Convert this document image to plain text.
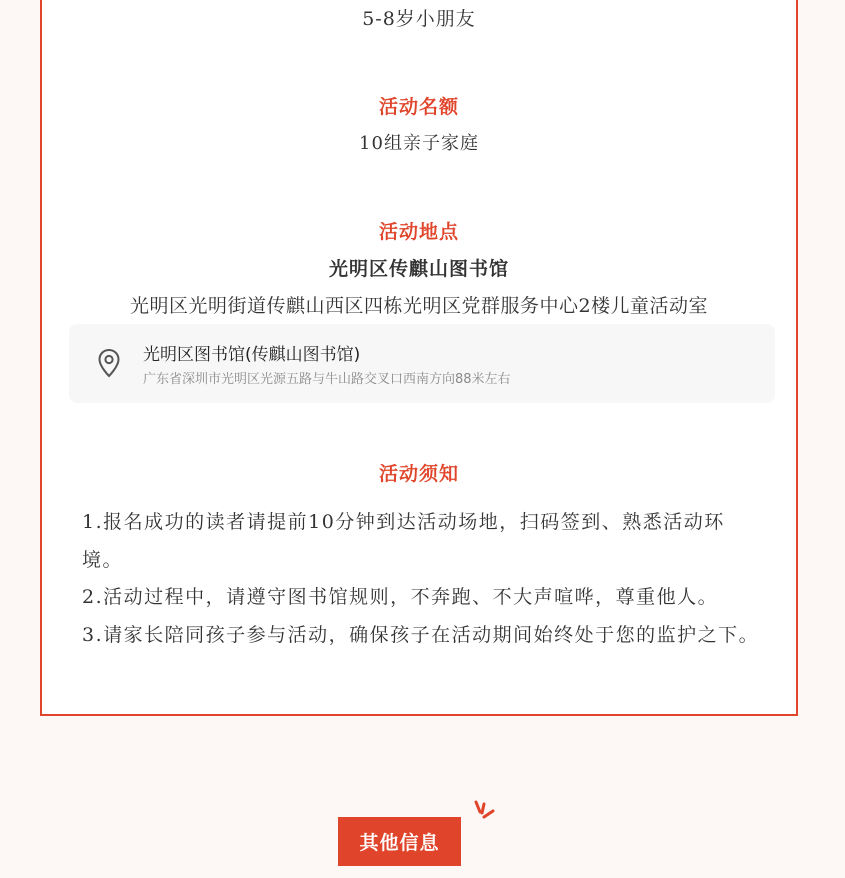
5-8岁小朋友
活动名额
10组亲子家庭
活动地点
光明区传麒山图书馆
光明区光明街道传麒山西区四栋光明区党群服务中心2楼儿童活动室
光明区图书馆(传麒山图书馆)
广东省深圳市光明区光源五路与牛山路交叉口西南方向88米左右
活动须知

1.报名成功的读者请提前10分钟到达活动场地，扫码签到、熟悉活动环境。

2.活动过程中，请遵守图书馆规则，不奔跑、不大声喧哗，尊重他人。

3.请家长陪同孩子参与活动，确保孩子在活动期间始终处于您的监护之下。

其他信息
